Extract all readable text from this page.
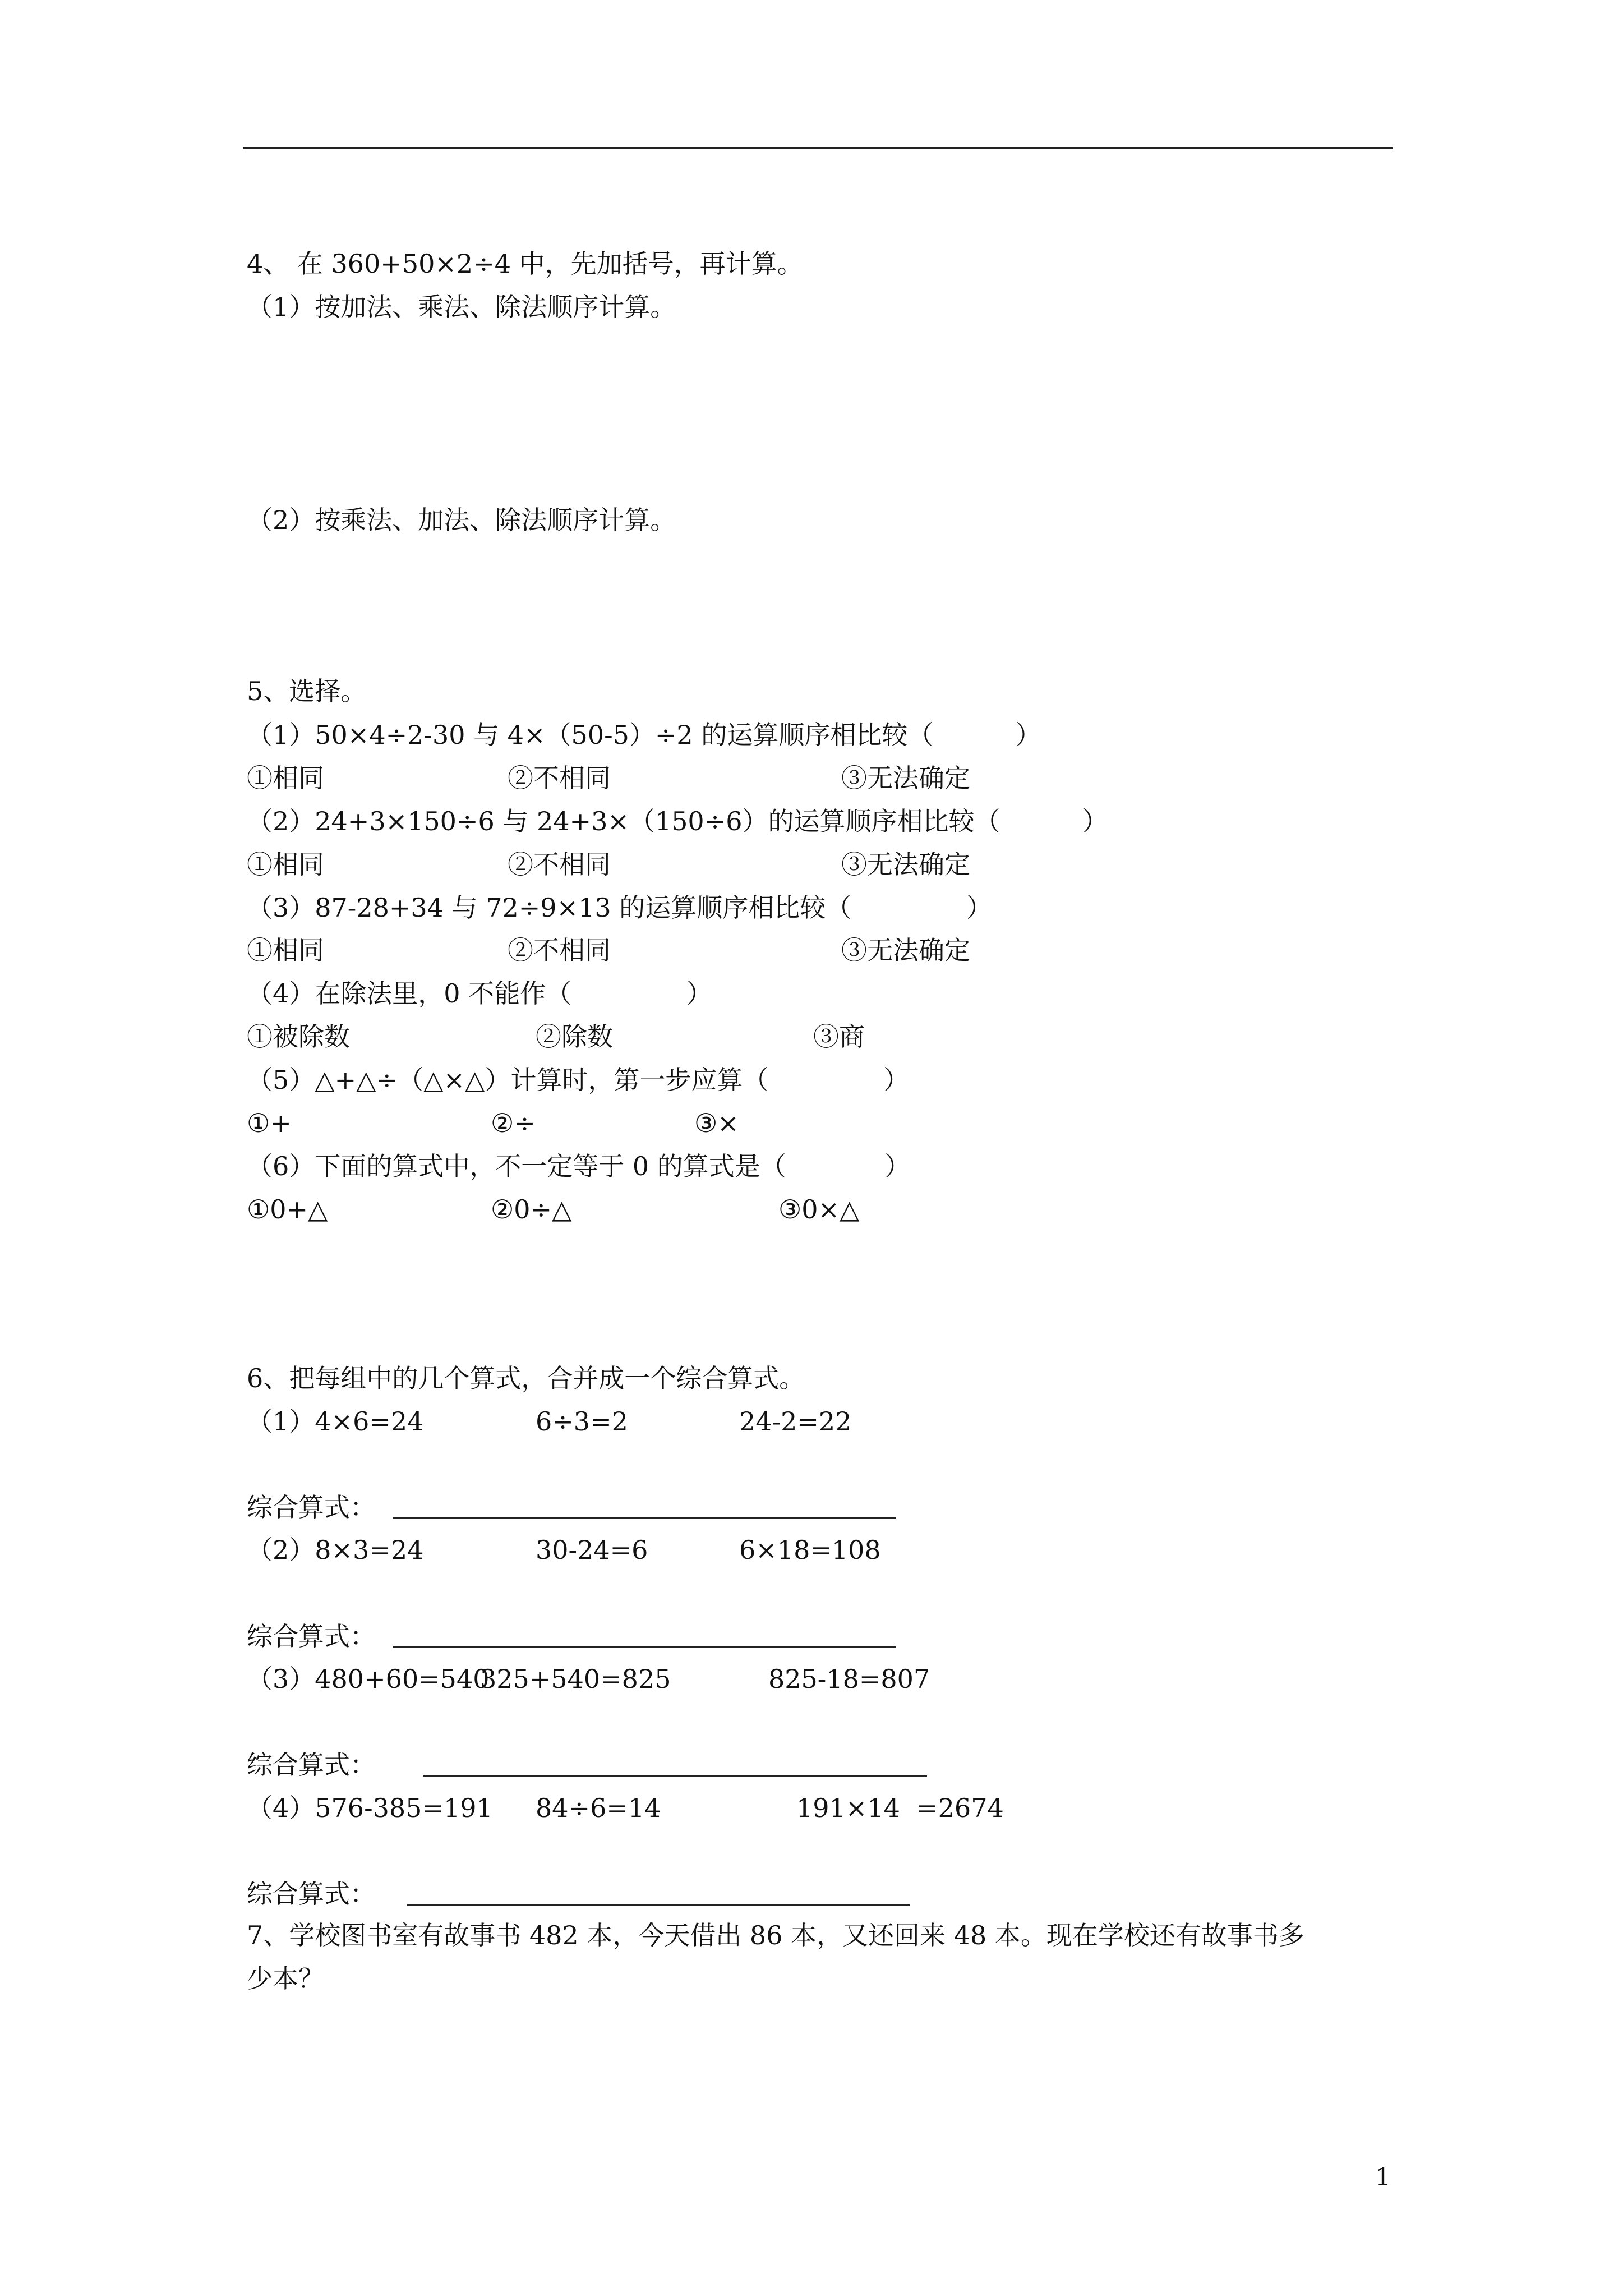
4、 在 360+50×2÷4 中，先加括号，再计算。
（1）按加法、乘法、除法顺序计算。
（2）按乘法、加法、除法顺序计算。
5、选择。
（1）50×4÷2-30 与 4×（50-5）÷2 的运算顺序相比较（          ）
①相同	②不相同	③无法确定
（2）24+3×150÷6 与 24+3×（150÷6）的运算顺序相比较（          ）
①相同	②不相同	③无法确定
（3）87-28+34 与 72÷9×13 的运算顺序相比较（              ）
①相同	②不相同	③无法确定
（4）在除法里，0 不能作（              ）
①被除数	②除数	③商
（5）△+△÷（△×△）计算时，第一步应算（              ）
①+	②÷	③×
（6）下面的算式中，不一定等于 0 的算式是（            ）
①0+△	②0÷△	③0×△
6、把每组中的几个算式，合并成一个综合算式。
（1）4×6=24	6÷3=2	24-2=22
综合算式：
（2）8×3=24	30-24=6	6×18=108
综合算式：
（3）480+60=540
325+540=825	825-18=807
综合算式：
（4）576-385=191 84÷6=14	191×14  =2674
综合算式：
7、学校图书室有故事书 482 本，今天借出 86 本，又还回来 48 本。现在学校还有故事书多
少本？
1
